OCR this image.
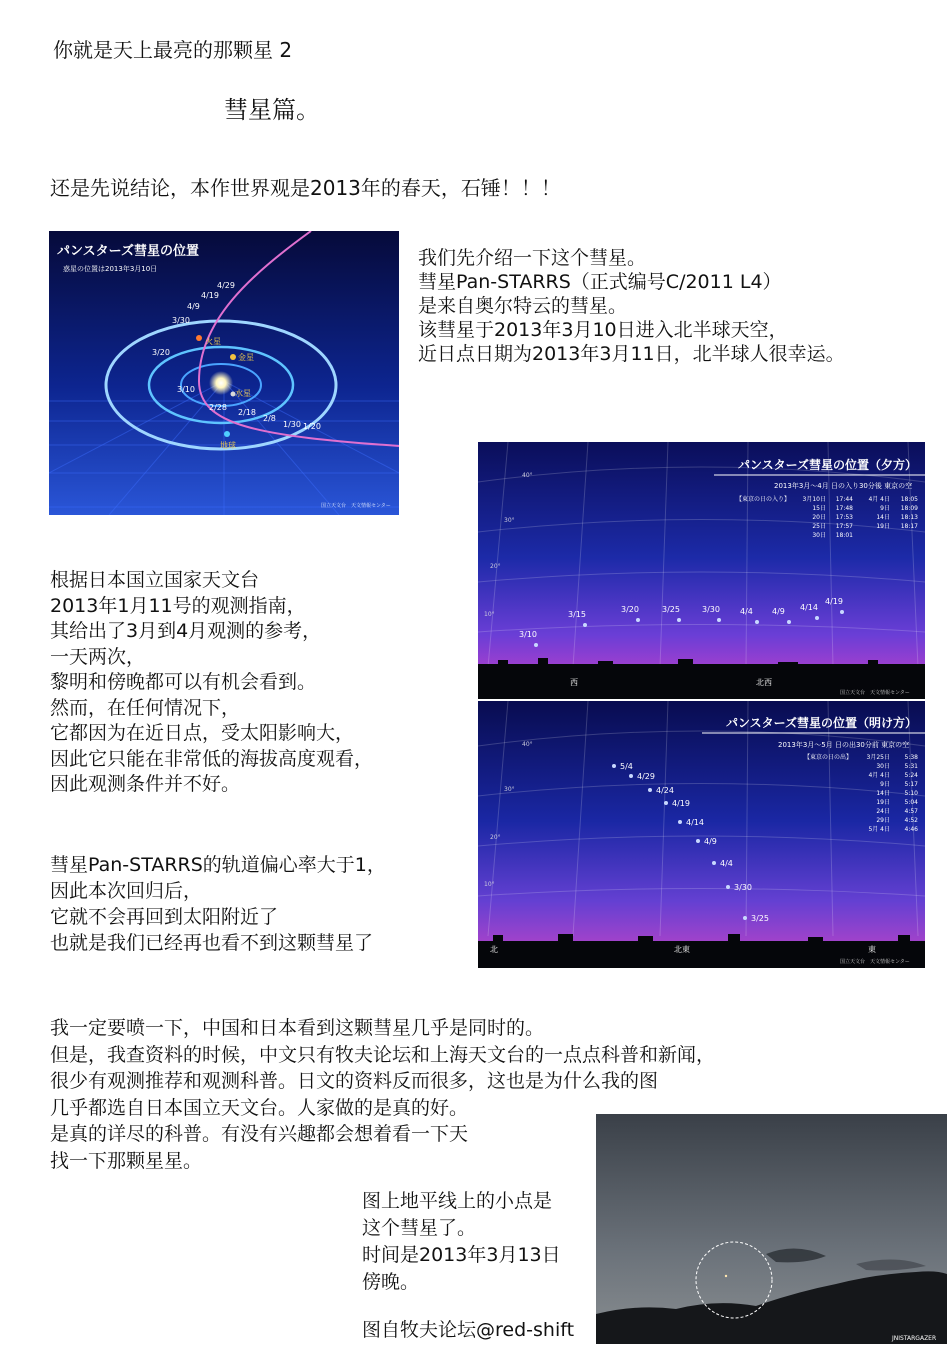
你就是天上最亮的那颗星 2
彗星篇。
还是先说结论，本作世界观是2013年的春天，石锤！！！
パンスターズ彗星の位置
惑星の位置は2013年3月10日
4/29
4/19
4/9
3/30
3/20
3/10
2/28
2/18
2/8
1/30 1/20
火星
金星
水星
地球
国立天文台　天文情報センター
我们先介绍一下这个彗星。
彗星Pan-STARRS（正式编号C/2011 L4）
是来自奥尔特云的彗星。
该彗星于2013年3月10日进入北半球天空，
近日点日期为2013年3月11日，北半球人很幸运。
40°
30°
20°
10°
パンスターズ彗星の位置（夕方）
2013年3月〜4月 日の入り30分後 東京の空
【東京の日の入り】 3月10日 17:44	4月 4日 18:05
15日 17:48	9日 18:09
20日 17:53	14日 18:13
25日 17:57	19日 18:17
30日 18:01
3/10
3/15
3/20	3/25	3/30	4/4 4/9 4/14
4/19
西	北西
国立天文台　天文情報センター
40°
30°
20°
10°
パンスターズ彗星の位置（明け方）
2013年3月〜5月 日の出30分前 東京の空
【東京の日の出】 3月25日 5:38
30日 5:31
4月 4日 5:24
9日 5:17
14日 5:10
19日 5:04
24日 4:57
29日 4:52
5月 4日 4:46
5/4
4/29
4/24
4/19
4/14
4/9
4/4
3/30
3/25
北	北東	東
国立天文台　天文情報センター
根据日本国立国家天文台
2013年1月11号的观测指南，
其给出了3月到4月观测的参考，
一天两次，
黎明和傍晚都可以有机会看到。
然而，在任何情况下，
它都因为在近日点，受太阳影响大，
因此它只能在非常低的海拔高度观看，
因此观测条件并不好。
彗星Pan-STARRS的轨道偏心率大于1，
因此本次回归后，
它就不会再回到太阳附近了
也就是我们已经再也看不到这颗彗星了
我一定要喷一下，中国和日本看到这颗彗星几乎是同时的。
但是，我查资料的时候，中文只有牧夫论坛和上海天文台的一点点科普和新闻，
很少有观测推荐和观测科普。日文的资料反而很多，这也是为什么我的图
几乎都选自日本国立天文台。人家做的是真的好。
是真的详尽的科普。有没有兴趣都会想着看一下天
找一下那颗星星。
图上地平线上的小点是
这个彗星了。
时间是2013年3月13日
傍晚。
图自牧夫论坛@red-shift	JNISTARGAZER
